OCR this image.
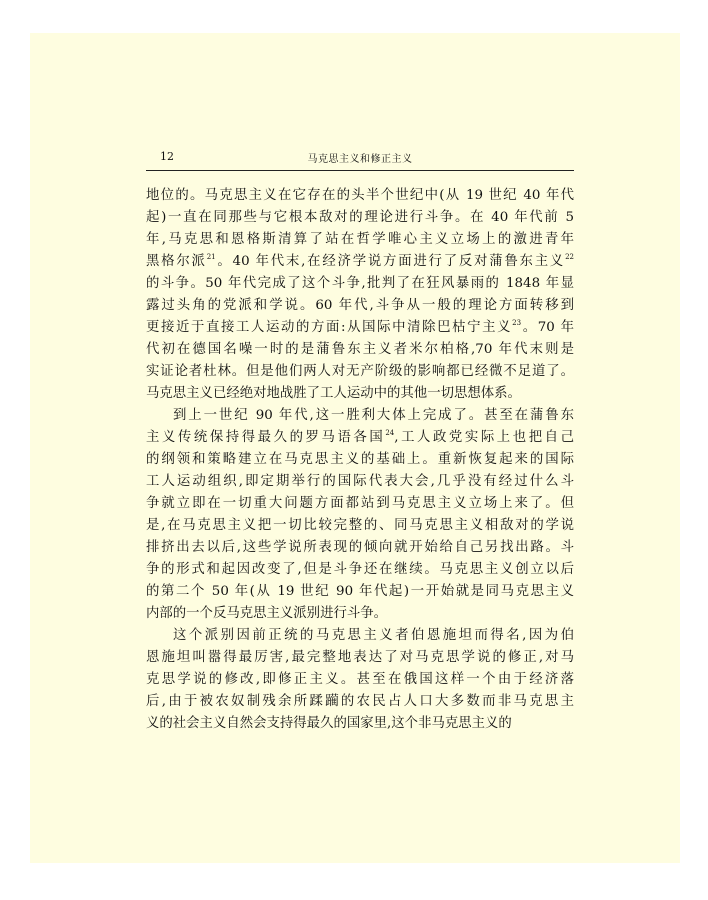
12	马克思主义和修正主义
地位的。马克思主义在它存在的头半个世纪中(从 19 世纪 40 年代
起)一直在同那些与它根本敌对的理论进行斗争。在 40 年代前 5
年,马克思和恩格斯清算了站在哲学唯心主义立场上的激进青年
黑格尔派$^{21}$。40 年代末,在经济学说方面进行了反对蒲鲁东主义$^{22}$
的斗争。50 年代完成了这个斗争,批判了在狂风暴雨的 1848 年显
露过头角的党派和学说。60 年代,斗争从一般的理论方面转移到
更接近于直接工人运动的方面:从国际中清除巴枯宁主义$^{23}$。70 年
代初在德国名噪一时的是蒲鲁东主义者米尔柏格,70 年代末则是
实证论者杜林。但是他们两人对无产阶级的影响都已经微不足道了。
马克思主义已经绝对地战胜了工人运动中的其他一切思想体系。
到上一世纪 90 年代,这一胜利大体上完成了。甚至在蒲鲁东
主义传统保持得最久的罗马语各国$^{24}$,工人政党实际上也把自己
的纲领和策略建立在马克思主义的基础上。重新恢复起来的国际
工人运动组织,即定期举行的国际代表大会,几乎没有经过什么斗
争就立即在一切重大问题方面都站到马克思主义立场上来了。但
是,在马克思主义把一切比较完整的、同马克思主义相敌对的学说
排挤出去以后,这些学说所表现的倾向就开始给自己另找出路。斗
争的形式和起因改变了,但是斗争还在继续。马克思主义创立以后
的第二个 50 年(从 19 世纪 90 年代起)一开始就是同马克思主义
内部的一个反马克思主义派别进行斗争。
这个派别因前正统的马克思主义者伯恩施坦而得名,因为伯
恩施坦叫嚣得最厉害,最完整地表达了对马克思学说的修正,对马
克思学说的修改,即修正主义。甚至在俄国这样一个由于经济落
后,由于被农奴制残余所蹂躏的农民占人口大多数而非马克思主
义的社会主义自然会支持得最久的国家里,这个非马克思主义的
